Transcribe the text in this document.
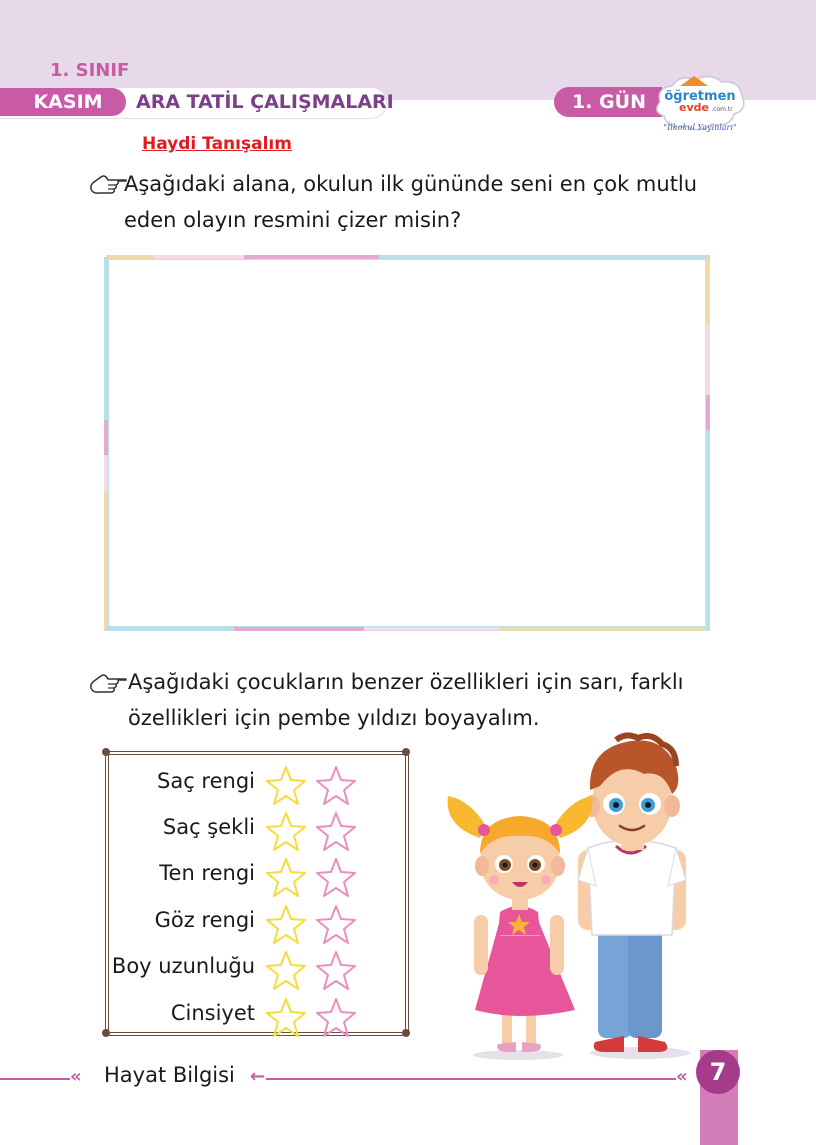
1. SINIF
KASIM	ARA TATİL ÇALIŞMALARI	1. GÜN	öğretmen
evde .com.tr
"İlkokul Yayınları"
Haydi Tanışalım
Aşağıdaki alana, okulun ilk gününde seni en çok mutlu
eden olayın resmini çizer misin?
Aşağıdaki çocukların benzer özellikleri için sarı, farklı
özellikleri için pembe yıldızı boyayalım.
Saç rengi
Saç şekli
Ten rengi
Göz rengi
Boy uzunluğu
Cinsiyet
« Hayat Bilgisi ←	« 7
